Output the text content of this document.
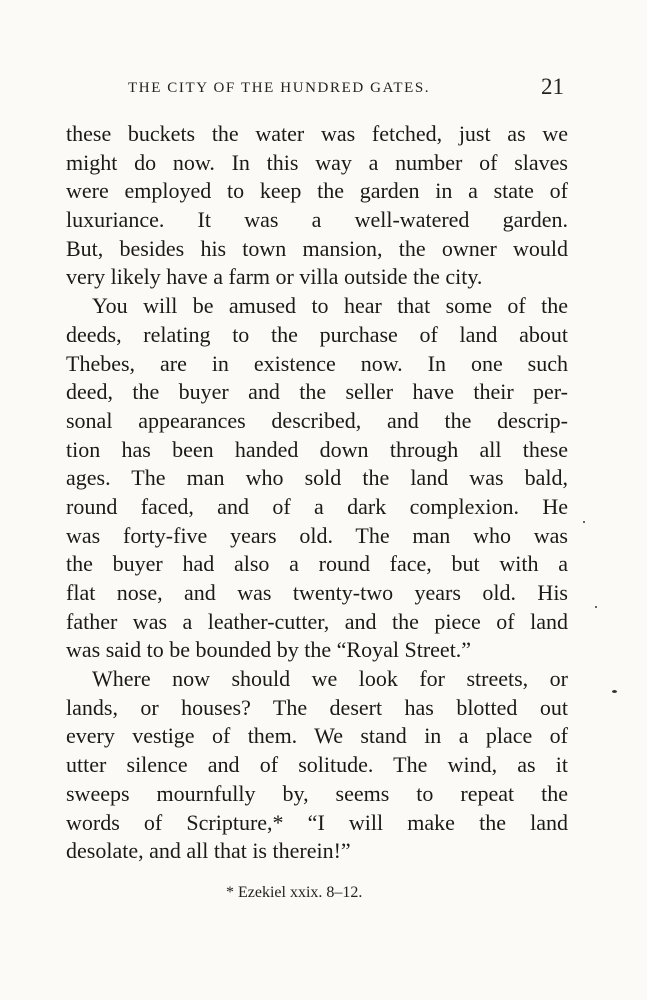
THE CITY OF THE HUNDRED GATES.	21
these buckets the water was fetched, just as we
might do now. In this way a number of slaves
were employed to keep the garden in a state of
luxuriance. It was a well-watered garden.
But, besides his town mansion, the owner would
very likely have a farm or villa outside the city.
You will be amused to hear that some of the
deeds, relating to the purchase of land about
Thebes, are in existence now. In one such
deed, the buyer and the seller have their per-
sonal appearances described, and the descrip-
tion has been handed down through all these
ages. The man who sold the land was bald,
round faced, and of a dark complexion. He
was forty-five years old. The man who was
the buyer had also a round face, but with a
flat nose, and was twenty-two years old. His
father was a leather-cutter, and the piece of land
was said to be bounded by the “Royal Street.”
Where now should we look for streets, or
lands, or houses? The desert has blotted out
every vestige of them. We stand in a place of
utter silence and of solitude. The wind, as it
sweeps mournfully by, seems to repeat the
words of Scripture,* “I will make the land
desolate, and all that is therein!”
* Ezekiel xxix. 8–12.
